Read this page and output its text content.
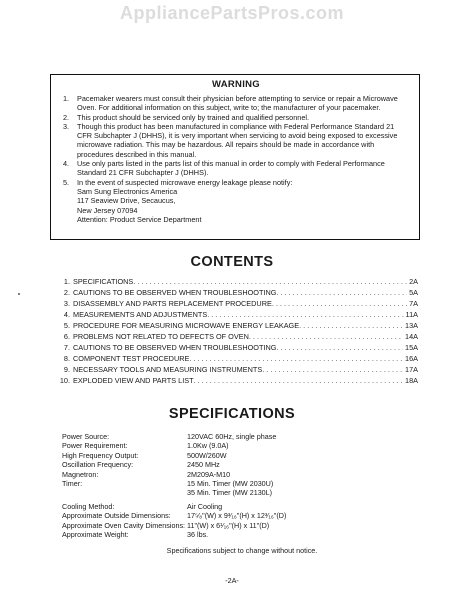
AppliancePartsPros.com
WARNING
1.	Pacemaker wearers must consult their physician before attempting to service or repair a Microwave Oven. For additional information on this subject, write to; the manufacturer of your pacemaker.
2.	This product should be serviced only by trained and qualified personnel.
3.	Though this product has been manufactured in compliance with Federal Performance Standard 21 CFR Subchapter J (DHHS), it is very important when servicing to avoid being exposed to excessive microwave radiation. This may be hazardous. All repairs should be made in accordance with procedures described in this manual.
4.	Use only parts listed in the parts list of this manual in order to comply with Federal Performance Standard 21 CFR Subchapter J (DHHS).
5.	In the event of suspected microwave energy leakage please notify:
Sam Sung Electronics America
117 Seaview Drive, Secaucus,
New Jersey 07094
Attention: Product Service Department
CONTENTS
1. SPECIFICATIONS . . .	2A
2. CAUTIONS TO BE OBSERVED WHEN TROUBLESHOOTING . . .	5A
3. DISASSEMBLY AND PARTS REPLACEMENT PROCEDURE . . .	7A
4. MEASUREMENTS AND ADJUSTMENTS . . .	11A
5. PROCEDURE FOR MEASURING MICROWAVE ENERGY LEAKAGE . . .	13A
6. PROBLEMS NOT RELATED TO DEFECTS OF OVEN . . .	14A
7. CAUTIONS TO BE OBSERVED WHEN TROUBLESHOOTING . . .	15A
8. COMPONENT TEST PROCEDURE . . .	16A
9. NECESSARY TOOLS AND MEASURING INSTRUMENTS . . .	17A
10. EXPLODED VIEW AND PARTS LIST . . .	18A
SPECIFICATIONS
Power Source:	120VAC 60Hz, single phase
Power Requirement:	1.0Kw (9.0A)
High Frequency Output:	500W/260W
Oscillation Frequency:	2450 MHz
Magnetron:	2M209A-M10
Timer:	15 Min. Timer (MW 2030U)
35 Min. Timer (MW 2130L)
Cooling Method:	Air Cooling
Approximate Outside Dimensions:	17⁵⁄₈"(W) x 9³⁄₁₆"(H) x 12³⁄₁₆"(D)
Approximate Oven Cavity Dimensions: 11"(W) x 6¹⁄₁₆"(H) x 11"(D)
Approximate Weight:	36 lbs.
Specifications subject to change without notice.
-2A-
